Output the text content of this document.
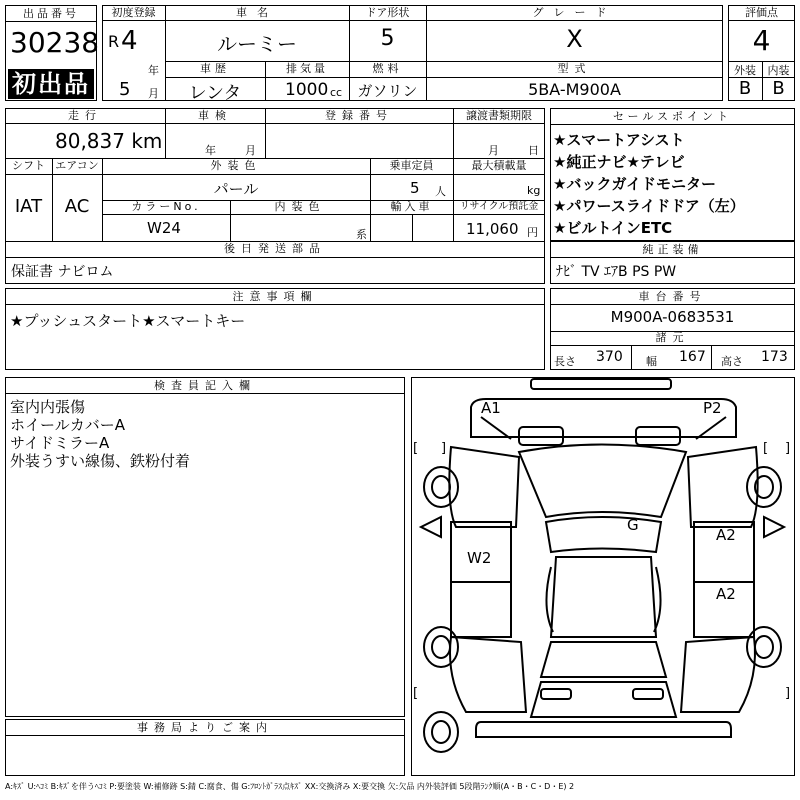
出品番号
30238
初出品
初度登録
R 4
年
5 月
車名
ルーミー
ドア形状
5
グレード
X
車歴
レンタ
排気量
1000 cc
燃料
ガソリン
型式
5BA-M900A
評価点
4
外装	内装
B	B
走行
80,837 km
車検
年	月
登録番号	譲渡書類期限
月	日
シフト
IAT
エアコン
AC
外装色
パール
乗車定員
5 人
最大積載量
kg
カラーNo.
W24
内装色
系
輸入車	リサイクル預託金
11,060 円
後日発送部品
保証書 ナビロム
セールスポイント
★スマートアシスト
★純正ナビ★テレビ
★バックガイドモニター
★パワースライドドア（左）
★ビルトインETC
純正装備
ﾅﾋﾞ TV ｴｱB PS PW
注意事項欄
★プッシュスタート★スマートキー
車台番号
M900A-0683531
諸元
長さ 370 幅 167 高さ 173
検査員記入欄
室内内張傷
ホイールカバーA
サイドミラーA
外装うすい線傷、鉄粉付着
事務局よりご案内
A1	P2
G
W2
A2
A2
[ ]	[ ]
[	]
A:ｷｽﾞ U:ﾍｺﾐ B:ｷｽﾞを伴うﾍｺﾐ P:要塗装 W:補修跡 S:錆 C:腐食、傷 G:ﾌﾛﾝﾄｶﾞﾗｽ点ｷｽﾞ XX:交換済み X:要交換 欠:欠品 内外装評価 5段階ﾗﾝｸ順(A・B・C・D・E) 2
